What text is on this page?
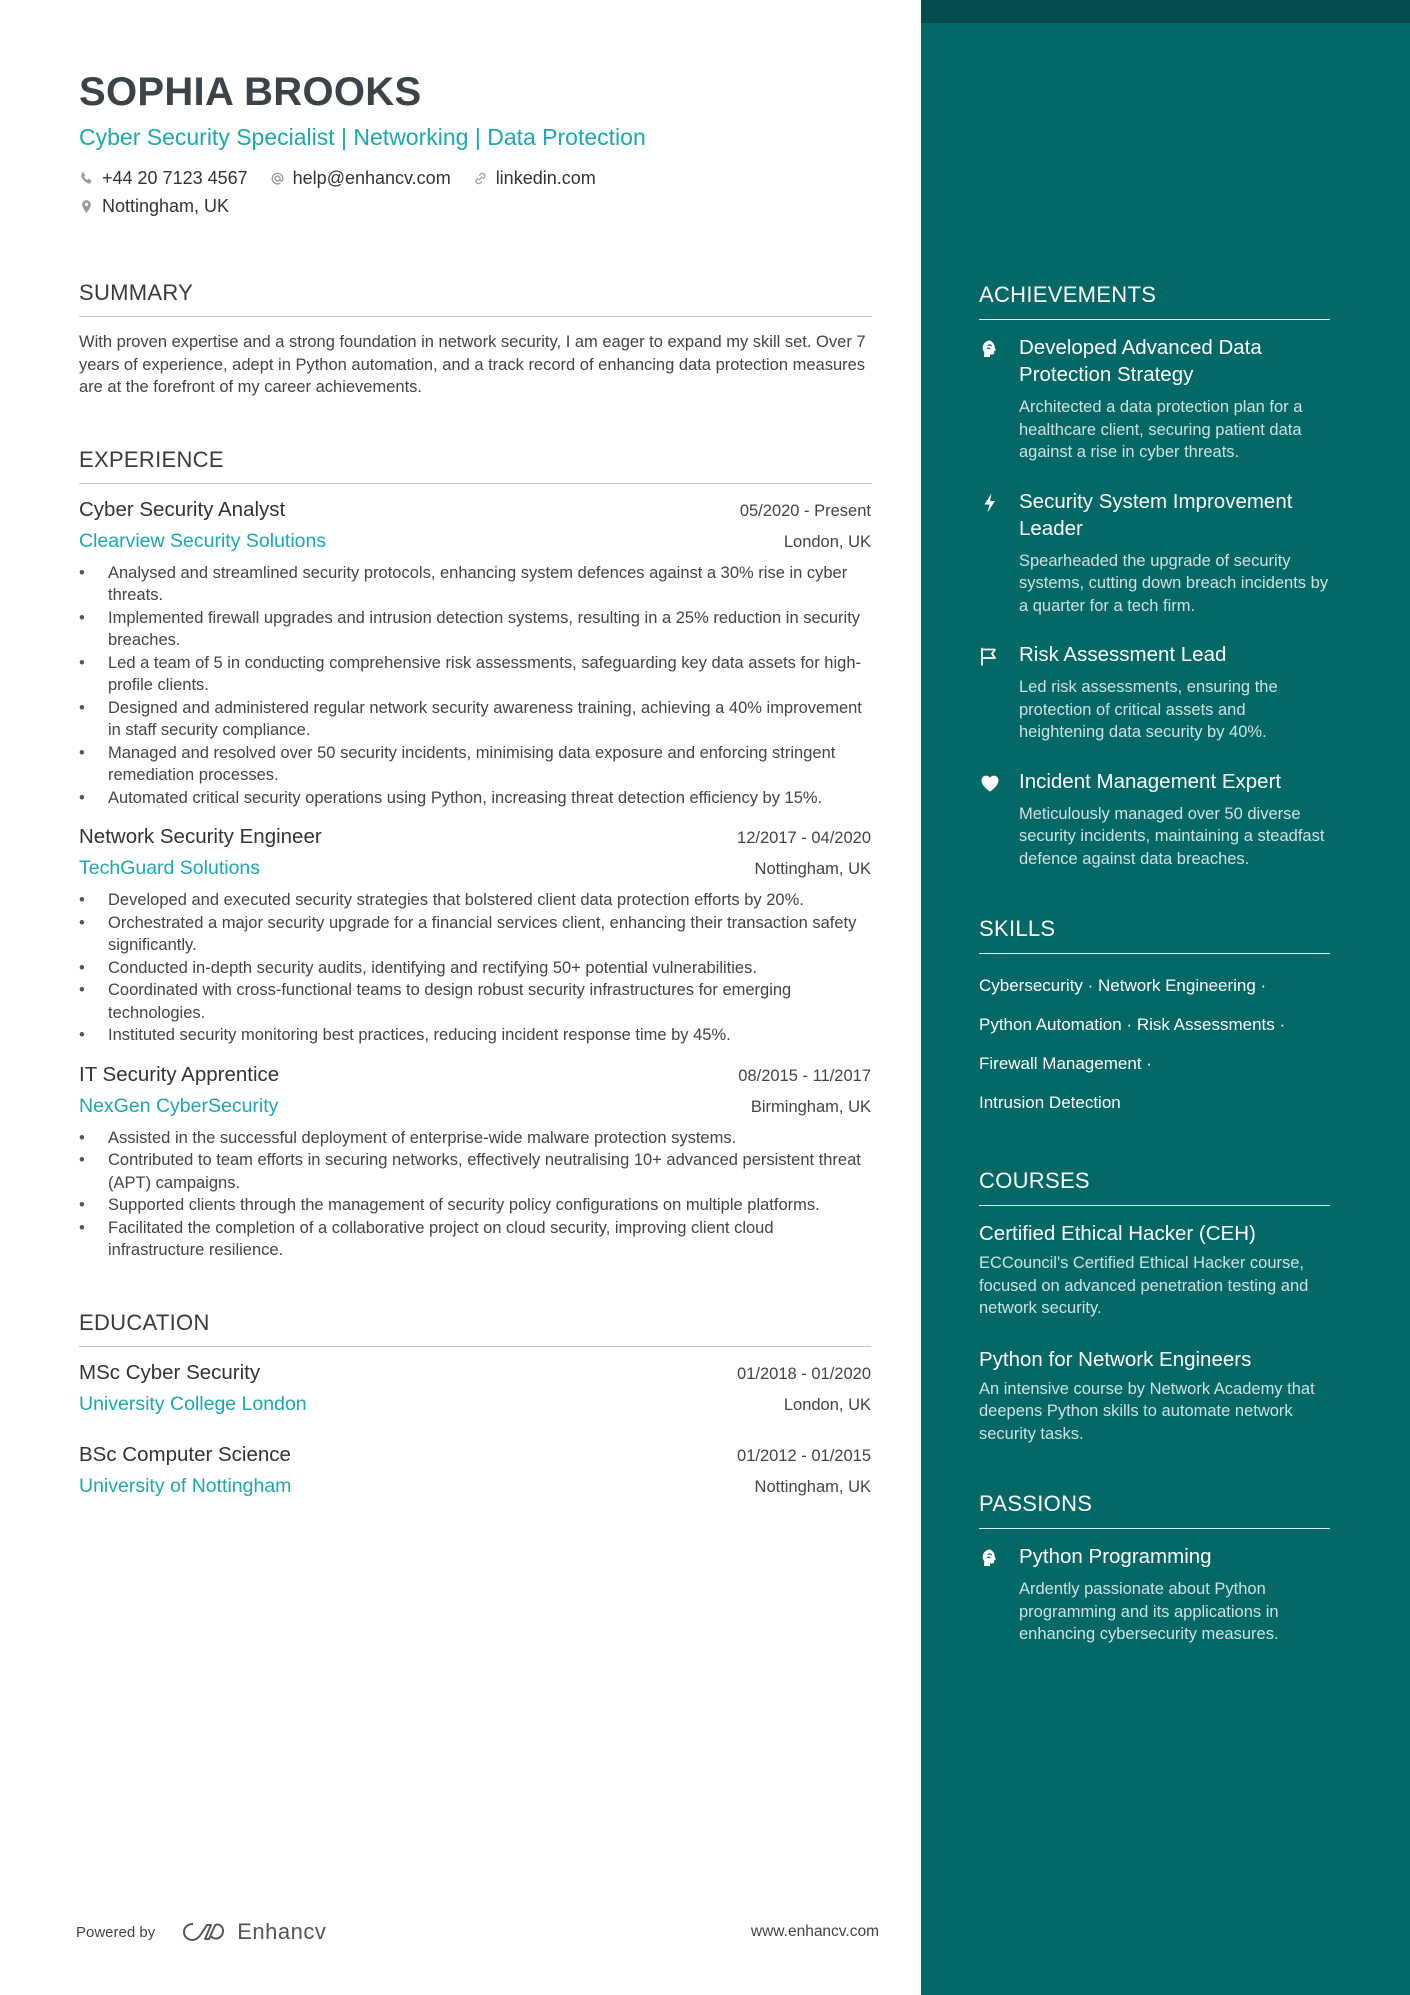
SOPHIA BROOKS
Cyber Security Specialist | Networking | Data Protection
+44 20 7123 4567	help@enhancv.com	linkedin.com
Nottingham, UK
SUMMARY
With proven expertise and a strong foundation in network security, I am eager to expand my skill set. Over 7 years of experience, adept in Python automation, and a track record of enhancing data protection measures are at the forefront of my career achievements.
EXPERIENCE
Cyber Security Analyst	05/2020 - Present
Clearview Security Solutions	London, UK
• Analysed and streamlined security protocols, enhancing system defences against a 30% rise in cyber threats.
• Implemented firewall upgrades and intrusion detection systems, resulting in a 25% reduction in security breaches.
• Led a team of 5 in conducting comprehensive risk assessments, safeguarding key data assets for high-profile clients.
• Designed and administered regular network security awareness training, achieving a 40% improvement in staff security compliance.
• Managed and resolved over 50 security incidents, minimising data exposure and enforcing stringent remediation processes.
• Automated critical security operations using Python, increasing threat detection efficiency by 15%.
Network Security Engineer	12/2017 - 04/2020
TechGuard Solutions	Nottingham, UK
• Developed and executed security strategies that bolstered client data protection efforts by 20%.
• Orchestrated a major security upgrade for a financial services client, enhancing their transaction safety significantly.
• Conducted in-depth security audits, identifying and rectifying 50+ potential vulnerabilities.
• Coordinated with cross-functional teams to design robust security infrastructures for emerging technologies.
• Instituted security monitoring best practices, reducing incident response time by 45%.
IT Security Apprentice	08/2015 - 11/2017
NexGen CyberSecurity	Birmingham, UK
• Assisted in the successful deployment of enterprise-wide malware protection systems.
• Contributed to team efforts in securing networks, effectively neutralising 10+ advanced persistent threat (APT) campaigns.
• Supported clients through the management of security policy configurations on multiple platforms.
• Facilitated the completion of a collaborative project on cloud security, improving client cloud infrastructure resilience.
EDUCATION
MSc Cyber Security	01/2018 - 01/2020
University College London	London, UK
BSc Computer Science	01/2012 - 01/2015
University of Nottingham	Nottingham, UK
Powered by	Enhancv	www.enhancv.com
ACHIEVEMENTS
Developed Advanced Data Protection Strategy
Architected a data protection plan for a healthcare client, securing patient data against a rise in cyber threats.
Security System Improvement Leader
Spearheaded the upgrade of security systems, cutting down breach incidents by a quarter for a tech firm.
Risk Assessment Lead
Led risk assessments, ensuring the protection of critical assets and heightening data security by 40%.
Incident Management Expert
Meticulously managed over 50 diverse security incidents, maintaining a steadfast defence against data breaches.
SKILLS
Cybersecurity · Network Engineering ·
Python Automation · Risk Assessments ·
Firewall Management ·
Intrusion Detection
COURSES
Certified Ethical Hacker (CEH)
ECCouncil's Certified Ethical Hacker course, focused on advanced penetration testing and network security.
Python for Network Engineers
An intensive course by Network Academy that deepens Python skills to automate network security tasks.
PASSIONS
Python Programming
Ardently passionate about Python programming and its applications in enhancing cybersecurity measures.
